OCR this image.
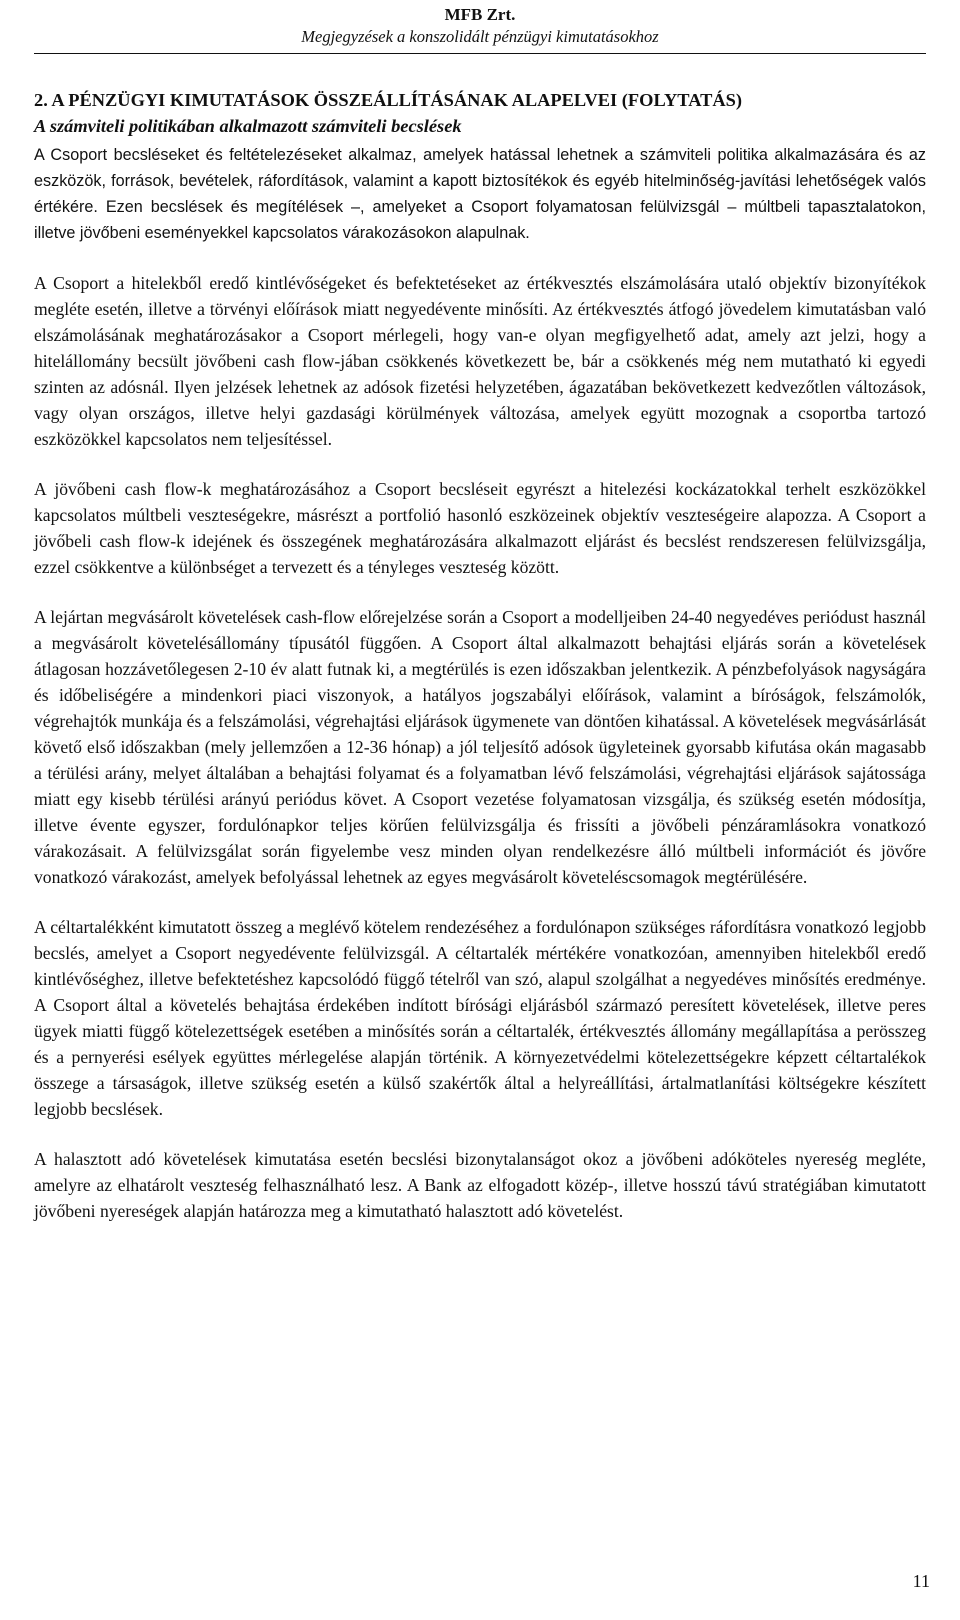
MFB Zrt.
Megjegyzések a konszolidált pénzügyi kimutatásokhoz
2. A PÉNZÜGYI KIMUTATÁSOK ÖSSZEÁLLÍTÁSÁNAK ALAPELVEI (FOLYTATÁS)
A számviteli politikában alkalmazott számviteli becslések

A Csoport becsléseket és feltételezéseket alkalmaz, amelyek hatással lehetnek a számviteli politika alkalmazására és az eszközök, források, bevételek, ráfordítások, valamint a kapott biztosítékok és egyéb hitelminőség-javítási lehetőségek valós értékére. Ezen becslések és megítélések –, amelyeket a Csoport folyamatosan felülvizsgál – múltbeli tapasztalatokon, illetve jövőbeni eseményekkel kapcsolatos várakozásokon alapulnak.

A Csoport a hitelekből eredő kintlévőségeket és befektetéseket az értékvesztés elszámolására utaló objektív bizonyítékok megléte esetén, illetve a törvényi előírások miatt negyedévente minősíti. Az értékvesztés átfogó jövedelem kimutatásban való elszámolásának meghatározásakor a Csoport mérlegeli, hogy van-e olyan megfigyelhető adat, amely azt jelzi, hogy a hitelállomány becsült jövőbeni cash flow-jában csökkenés következett be, bár a csökkenés még nem mutatható ki egyedi szinten az adósnál. Ilyen jelzések lehetnek az adósok fizetési helyzetében, ágazatában bekövetkezett kedvezőtlen változások, vagy olyan országos, illetve helyi gazdasági körülmények változása, amelyek együtt mozognak a csoportba tartozó eszközökkel kapcsolatos nem teljesítéssel.

A jövőbeni cash flow-k meghatározásához a Csoport becsléseit egyrészt a hitelezési kockázatokkal terhelt eszközökkel kapcsolatos múltbeli veszteségekre, másrészt a portfolió hasonló eszközeinek objektív veszteségeire alapozza. A Csoport a jövőbeli cash flow-k idejének és összegének meghatározására alkalmazott eljárást és becslést rendszeresen felülvizsgálja, ezzel csökkentve a különbséget a tervezett és a tényleges veszteség között.

A lejártan megvásárolt követelések cash-flow előrejelzése során a Csoport a modelljeiben 24-40 negyedéves periódust használ a megvásárolt követelésállomány típusától függően. A Csoport által alkalmazott behajtási eljárás során a követelések átlagosan hozzávetőlegesen 2-10 év alatt futnak ki, a megtérülés is ezen időszakban jelentkezik. A pénzbefolyások nagyságára és időbeliségére a mindenkori piaci viszonyok, a hatályos jogszabályi előírások, valamint a bíróságok, felszámolók, végrehajtók munkája és a felszámolási, végrehajtási eljárások ügymenete van döntően kihatással. A követelések megvásárlását követő első időszakban (mely jellemzően a 12-36 hónap) a jól teljesítő adósok ügyleteinek gyorsabb kifutása okán magasabb a térülési arány, melyet általában a behajtási folyamat és a folyamatban lévő felszámolási, végrehajtási eljárások sajátossága miatt egy kisebb térülési arányú periódus követ. A Csoport vezetése folyamatosan vizsgálja, és szükség esetén módosítja, illetve évente egyszer, fordulónapkor teljes körűen felülvizsgálja és frissíti a jövőbeli pénzáramlásokra vonatkozó várakozásait. A felülvizsgálat során figyelembe vesz minden olyan rendelkezésre álló múltbeli információt és jövőre vonatkozó várakozást, amelyek befolyással lehetnek az egyes megvásárolt követeléscsomagok megtérülésére.

A céltartalékként kimutatott összeg a meglévő kötelem rendezéséhez a fordulónapon szükséges ráfordításra vonatkozó legjobb becslés, amelyet a Csoport negyedévente felülvizsgál. A céltartalék mértékére vonatkozóan, amennyiben hitelekből eredő kintlévőséghez, illetve befektetéshez kapcsolódó függő tételről van szó, alapul szolgálhat a negyedéves minősítés eredménye. A Csoport által a követelés behajtása érdekében indított bírósági eljárásból származó peresített követelések, illetve peres ügyek miatti függő kötelezettségek esetében a minősítés során a céltartalék, értékvesztés állomány megállapítása a perösszeg és a pernyerési esélyek együttes mérlegelése alapján történik. A környezetvédelmi kötelezettségekre képzett céltartalékok összege a társaságok, illetve szükség esetén a külső szakértők által a helyreállítási, ártalmatlanítási költségekre készített legjobb becslések.

A halasztott adó követelések kimutatása esetén becslési bizonytalanságot okoz a jövőbeni adóköteles nyereség megléte, amelyre az elhatárolt veszteség felhasználható lesz. A Bank az elfogadott közép-, illetve hosszú távú stratégiában kimutatott jövőbeni nyereségek alapján határozza meg a kimutatható halasztott adó követelést.

11
